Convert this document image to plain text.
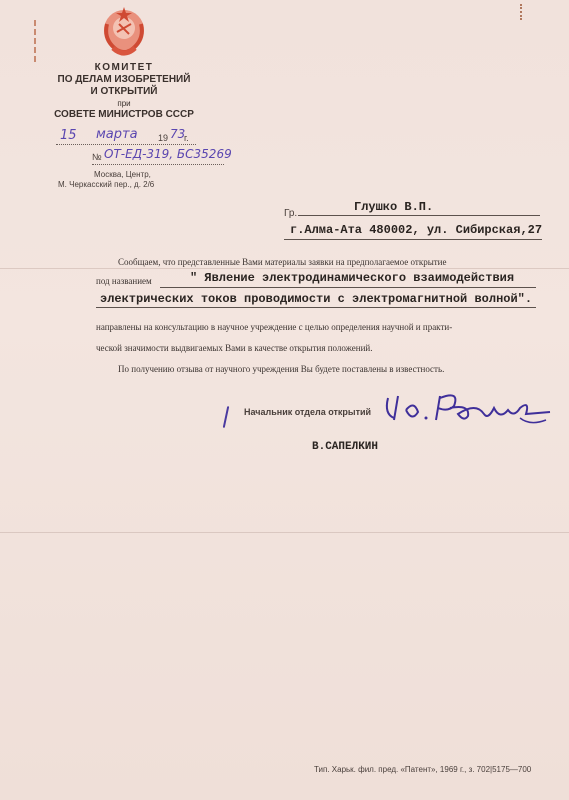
КОМИТЕТ
ПО ДЕЛАМ ИЗОБРЕТЕНИЙ
И ОТКРЫТИЙ
при
СОВЕТЕ МИНИСТРОВ СССР
15 марта 19 73
г.
№ ОТ-ЕД-319, БС35269
Москва, Центр,
М. Черкасский пер., д. 2/6
Гр.	Глушко В.П.
г.Алма-Ата 480002, ул. Сибирская,27
Сообщаем, что представленные Вами материалы заявки на предполагаемое открытие
под названием	" Явление электродинамического взаимодействия
электрических токов проводимости с электромагнитной волной".
направлены на консультацию в научное учреждение с целью определения научной и практи-
ческой значимости выдвигаемых Вами в качестве открытия положений.
По получению отзыва от научного учреждения Вы будете поставлены в известность.
Начальник отдела открытий
В.САПЕЛКИН
Тип. Харьк. фил. пред. «Патент», 1969 г., з. 702|5175—700
